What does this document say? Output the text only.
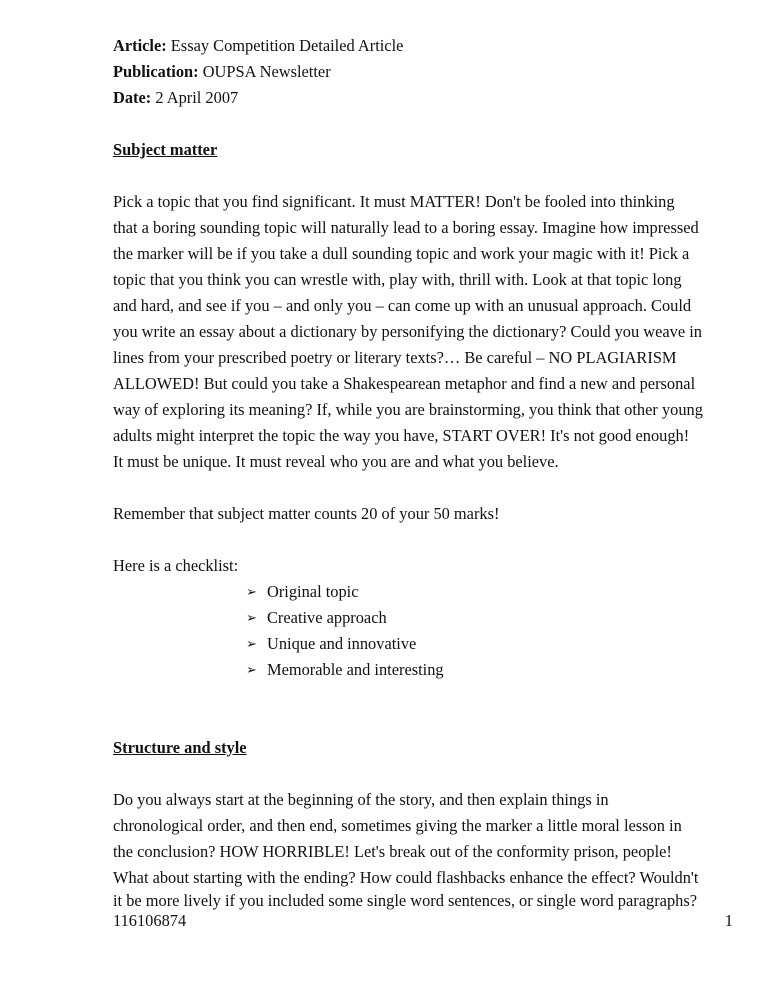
Article: Essay Competition Detailed Article
Publication: OUPSA Newsletter
Date: 2 April 2007
Subject matter
Pick a topic that you find significant. It must MATTER! Don't be fooled into thinking
that a boring sounding topic will naturally lead to a boring essay. Imagine how impressed
the marker will be if you take a dull sounding topic and work your magic with it! Pick a
topic that you think you can wrestle with, play with, thrill with. Look at that topic long
and hard, and see if you – and only you – can come up with an unusual approach. Could
you write an essay about a dictionary by personifying the dictionary? Could you weave in
lines from your prescribed poetry or literary texts?… Be careful – NO PLAGIARISM
ALLOWED! But could you take a Shakespearean metaphor and find a new and personal
way of exploring its meaning? If, while you are brainstorming, you think that other young
adults might interpret the topic the way you have, START OVER! It's not good enough!
It must be unique. It must reveal who you are and what you believe.
Remember that subject matter counts 20 of your 50 marks!
Here is a checklist:
➢ Original topic
➢ Creative approach
➢ Unique and innovative
➢ Memorable and interesting
Structure and style
Do you always start at the beginning of the story, and then explain things in
chronological order, and then end, sometimes giving the marker a little moral lesson in
the conclusion? HOW HORRIBLE! Let's break out of the conformity prison, people!
What about starting with the ending? How could flashbacks enhance the effect? Wouldn't
it be more lively if you included some single word sentences, or single word paragraphs?
116106874	1
